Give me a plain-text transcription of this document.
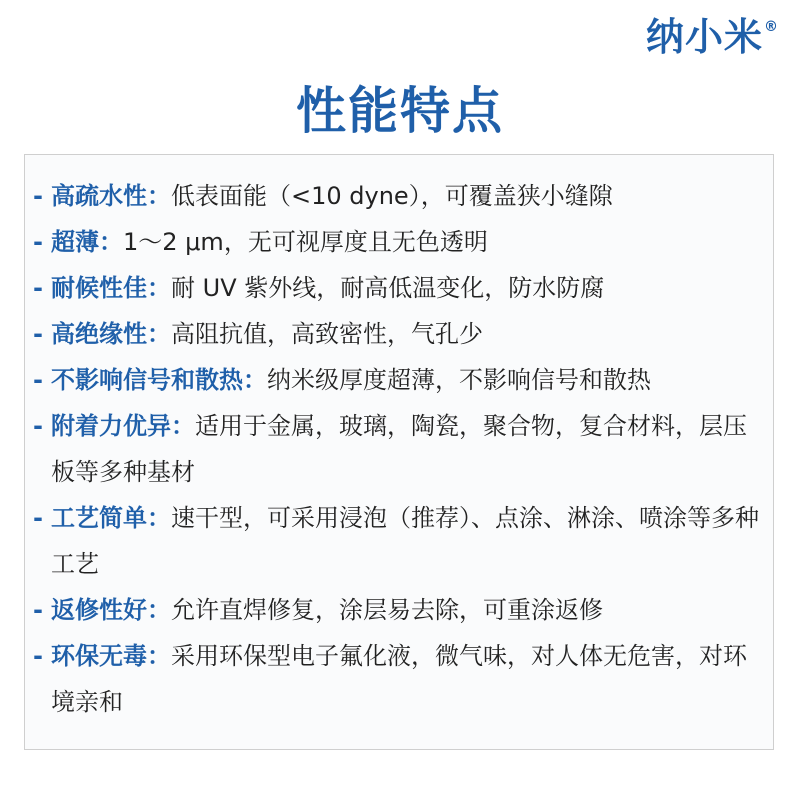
纳小米 ®
性能特点
- 高疏水性：低表面能（<10 dyne），可覆盖狭小缝隙
- 超薄：1～2 μm，无可视厚度且无色透明
- 耐候性佳：耐 UV 紫外线，耐高低温变化，防水防腐
- 高绝缘性：高阻抗值，高致密性，气孔少
- 不影响信号和散热：纳米级厚度超薄，不影响信号和散热
- 附着力优异：适用于金属，玻璃，陶瓷，聚合物，复合材料，层压板等多种基材
- 工艺简单：速干型，可采用浸泡（推荐）、点涂、淋涂、喷涂等多种工艺
- 返修性好：允许直焊修复，涂层易去除，可重涂返修
- 环保无毒：采用环保型电子氟化液，微气味，对人体无危害，对环境亲和
